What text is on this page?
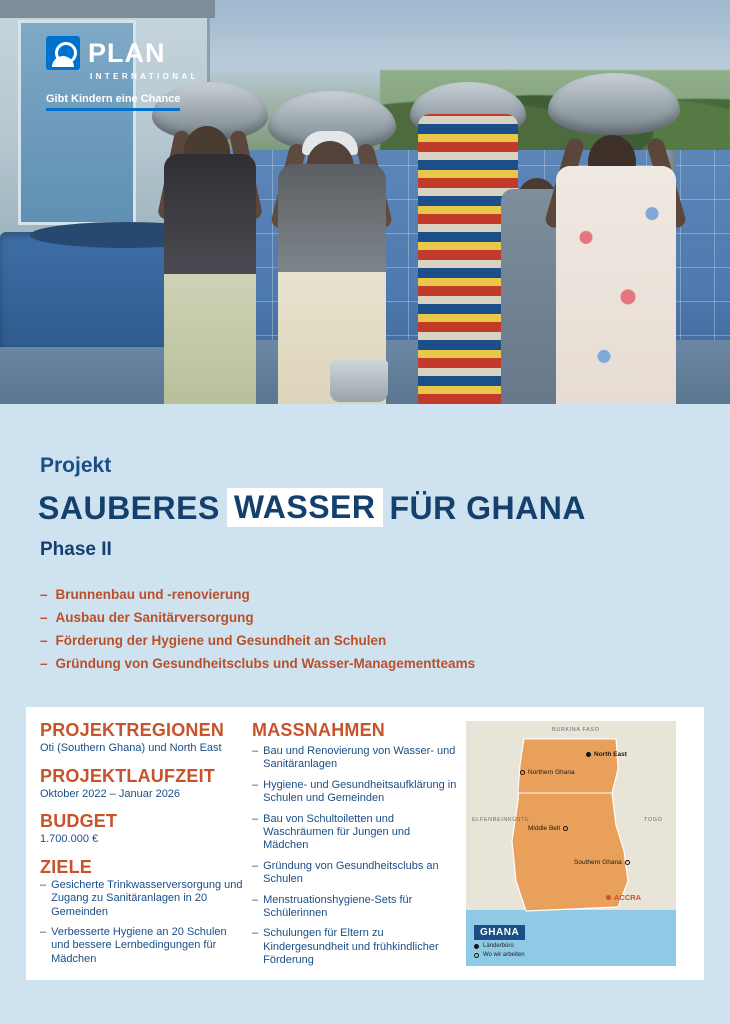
PLAN
INTERNATIONAL
Gibt Kindern eine Chance
Projekt
SAUBERES WASSER FÜR GHANA
Phase II
– Brunnenbau und -renovierung
– Ausbau der Sanitärversorgung
– Förderung der Hygiene und Gesundheit an Schulen
– Gründung von Gesundheitsclubs und Wasser-Managementteams
PROJEKTREGIONEN
Oti (Southern Ghana) und North East
PROJEKTLAUFZEIT
Oktober 2022 – Januar 2026
BUDGET
1.700.000 €
ZIELE
– Gesicherte Trinkwasserversorgung und Zugang zu Sanitäranlagen in 20 Gemeinden
– Verbesserte Hygiene an 20 Schulen und bessere Lernbedingungen für Mädchen
MASSNAHMEN
– Bau und Renovierung von Wasser- und Sanitäranlagen
– Hygiene- und Gesundheitsaufklärung in Schulen und Gemeinden
– Bau von Schultoiletten und Waschräumen für Jungen und Mädchen
– Gründung von Gesundheitsclubs an Schulen
– Menstruationshygiene-Sets für Schülerinnen
– Schulungen für Eltern zu Kindergesundheit und frühkindlicher Förderung
BURKINA FASO
ELFENBEINKÜSTE	TOGO
North East
Northern Ghana
Middle Belt
Southern Ghana
ACCRA
GHANA
Länderbüro
Wo wir arbeiten
